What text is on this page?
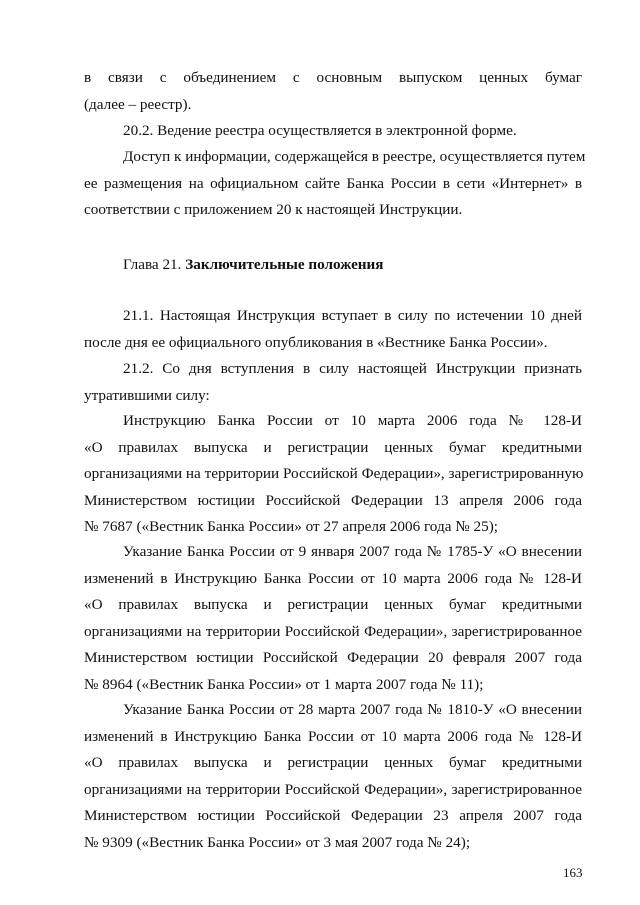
в связи с объединением с основным выпуском ценных бумаг
(далее – реестр).

20.2. Ведение реестра осуществляется в электронной форме.

Доступ к информации, содержащейся в реестре, осуществляется путем
ее размещения на официальном сайте Банка России в сети «Интернет» в
соответствии с приложением 20 к настоящей Инструкции.
Глава 21. Заключительные положения
21.1. Настоящая Инструкция вступает в силу по истечении 10 дней
после дня ее официального опубликования в «Вестнике Банка России».
21.2. Со дня вступления в силу настоящей Инструкции признать
утратившими силу:
Инструкцию Банка России от 10 марта 2006 года № 128-И
«О правилах выпуска и регистрации ценных бумаг кредитными
организациями на территории Российской Федерации», зарегистрированную
Министерством юстиции Российской Федерации 13 апреля 2006 года
№ 7687 («Вестник Банка России» от 27 апреля 2006 года № 25);
Указание Банка России от 9 января 2007 года № 1785-У «О внесении
изменений в Инструкцию Банка России от 10 марта 2006 года № 128-И
«О правилах выпуска и регистрации ценных бумаг кредитными
организациями на территории Российской Федерации», зарегистрированное
Министерством юстиции Российской Федерации 20 февраля 2007 года
№ 8964 («Вестник Банка России» от 1 марта 2007 года № 11);
Указание Банка России от 28 марта 2007 года № 1810-У «О внесении
изменений в Инструкцию Банка России от 10 марта 2006 года № 128-И
«О правилах выпуска и регистрации ценных бумаг кредитными
организациями на территории Российской Федерации», зарегистрированное
Министерством юстиции Российской Федерации 23 апреля 2007 года
№ 9309 («Вестник Банка России» от 3 мая 2007 года № 24);
163
